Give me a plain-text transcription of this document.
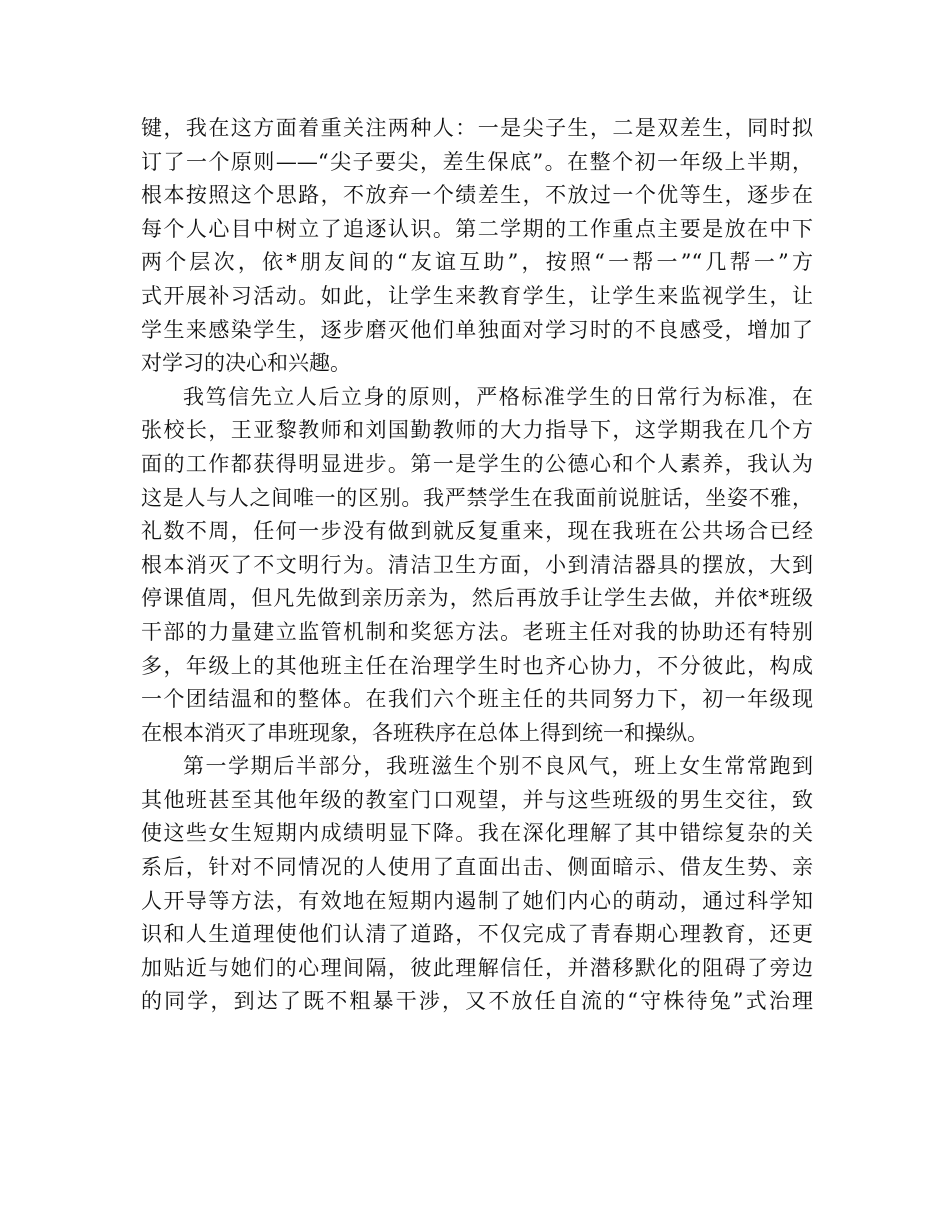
键，我在这方面着重关注两种人：一是尖子生，二是双差生，同时拟
订了一个原则——“尖子要尖，差生保底”。在整个初一年级上半期，
根本按照这个思路，不放弃一个绩差生，不放过一个优等生，逐步在
每个人心目中树立了追逐认识。第二学期的工作重点主要是放在中下
两个层次，依*朋友间的“友谊互助”，按照“一帮一”“几帮一”方
式开展补习活动。如此，让学生来教育学生，让学生来监视学生，让
学生来感染学生，逐步磨灭他们单独面对学习时的不良感受，增加了
对学习的决心和兴趣。
我笃信先立人后立身的原则，严格标准学生的日常行为标准，在
张校长，王亚黎教师和刘国勤教师的大力指导下，这学期我在几个方
面的工作都获得明显进步。第一是学生的公德心和个人素养，我认为
这是人与人之间唯一的区别。我严禁学生在我面前说脏话，坐姿不雅，
礼数不周，任何一步没有做到就反复重来，现在我班在公共场合已经
根本消灭了不文明行为。清洁卫生方面，小到清洁器具的摆放，大到
停课值周，但凡先做到亲历亲为，然后再放手让学生去做，并依*班级
干部的力量建立监管机制和奖惩方法。老班主任对我的协助还有特别
多，年级上的其他班主任在治理学生时也齐心协力，不分彼此，构成
一个团结温和的整体。在我们六个班主任的共同努力下，初一年级现
在根本消灭了串班现象，各班秩序在总体上得到统一和操纵。
第一学期后半部分，我班滋生个别不良风气，班上女生常常跑到
其他班甚至其他年级的教室门口观望，并与这些班级的男生交往，致
使这些女生短期内成绩明显下降。我在深化理解了其中错综复杂的关
系后，针对不同情况的人使用了直面出击、侧面暗示、借友生势、亲
人开导等方法，有效地在短期内遏制了她们内心的萌动，通过科学知
识和人生道理使他们认清了道路，不仅完成了青春期心理教育，还更
加贴近与她们的心理间隔，彼此理解信任，并潜移默化的阻碍了旁边
的同学，到达了既不粗暴干涉，又不放任自流的“守株待兔”式治理
